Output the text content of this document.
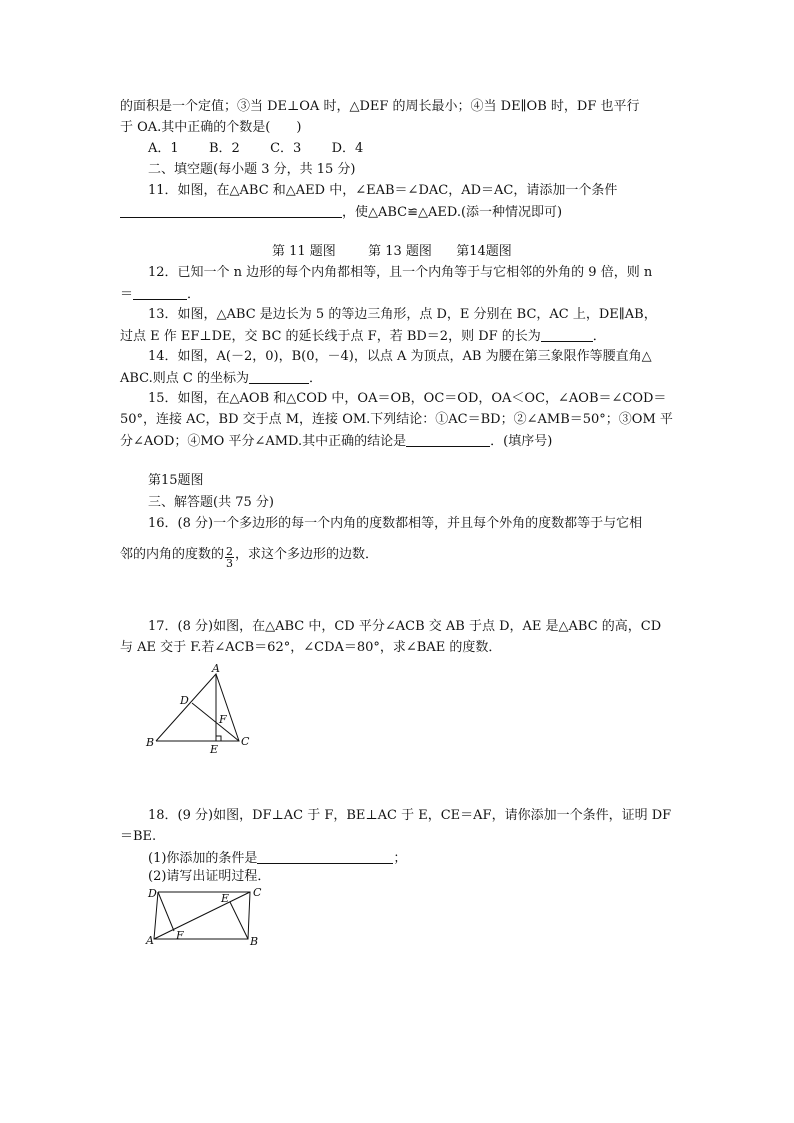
的面积是一个定值；③当 DE⊥OA 时，△DEF 的周长最小；④当 DE∥OB 时，DF 也平行
于 OA.其中正确的个数是(　　)
A．1 B．2 C．3 D．4
二、填空题(每小题 3 分，共 15 分)
11．如图，在△ABC 和△AED 中，∠EAB＝∠DAC，AD＝AC，请添加一个条件
，使△ABC≌△AED.(添一种情况即可)
第 11 题图 第 13 题图 第14题图
12．已知一个 n 边形的每个内角都相等，且一个内角等于与它相邻的外角的 9 倍，则 n
＝	．
13．如图，△ABC 是边长为 5 的等边三角形，点 D，E 分别在 BC，AC 上，DE∥AB，
过点 E 作 EF⊥DE，交 BC 的延长线于点 F，若 BD＝2，则 DF 的长为	．
14．如图，A(－2，0)，B(0，－4)，以点 A 为顶点，AB 为腰在第三象限作等腰直角△
ABC.则点 C 的坐标为	．
15．如图，在△AOB 和△COD 中，OA＝OB，OC＝OD，OA＜OC，∠AOB＝∠COD＝
50°，连接 AC，BD 交于点 M，连接 OM.下列结论：①AC＝BD；②∠AMB＝50°；③OM 平
分∠AOD；④MO 平分∠AMD.其中正确的结论是	．(填序号)
第15题图
三、解答题(共 75 分)
16．(8 分)一个多边形的每一个内角的度数都相等，并且每个外角的度数都等于与它相
邻的内角的度数的 $\frac{2}{3}$ ，求这个多边形的边数．
17．(8 分)如图，在△ABC 中，CD 平分∠ACB 交 AB 于点 D，AE 是△ABC 的高，CD
与 AE 交于 F.若∠ACB＝62°，∠CDA＝80°，求∠BAE 的度数．
A
B	C
D
E
F
18．(9 分)如图，DF⊥AC 于 F，BE⊥AC 于 E，CE＝AF，请你添加一个条件，证明 DF
＝BE.
(1)你添加的条件是	；
(2)请写出证明过程．
D	C
A	B
E
F
